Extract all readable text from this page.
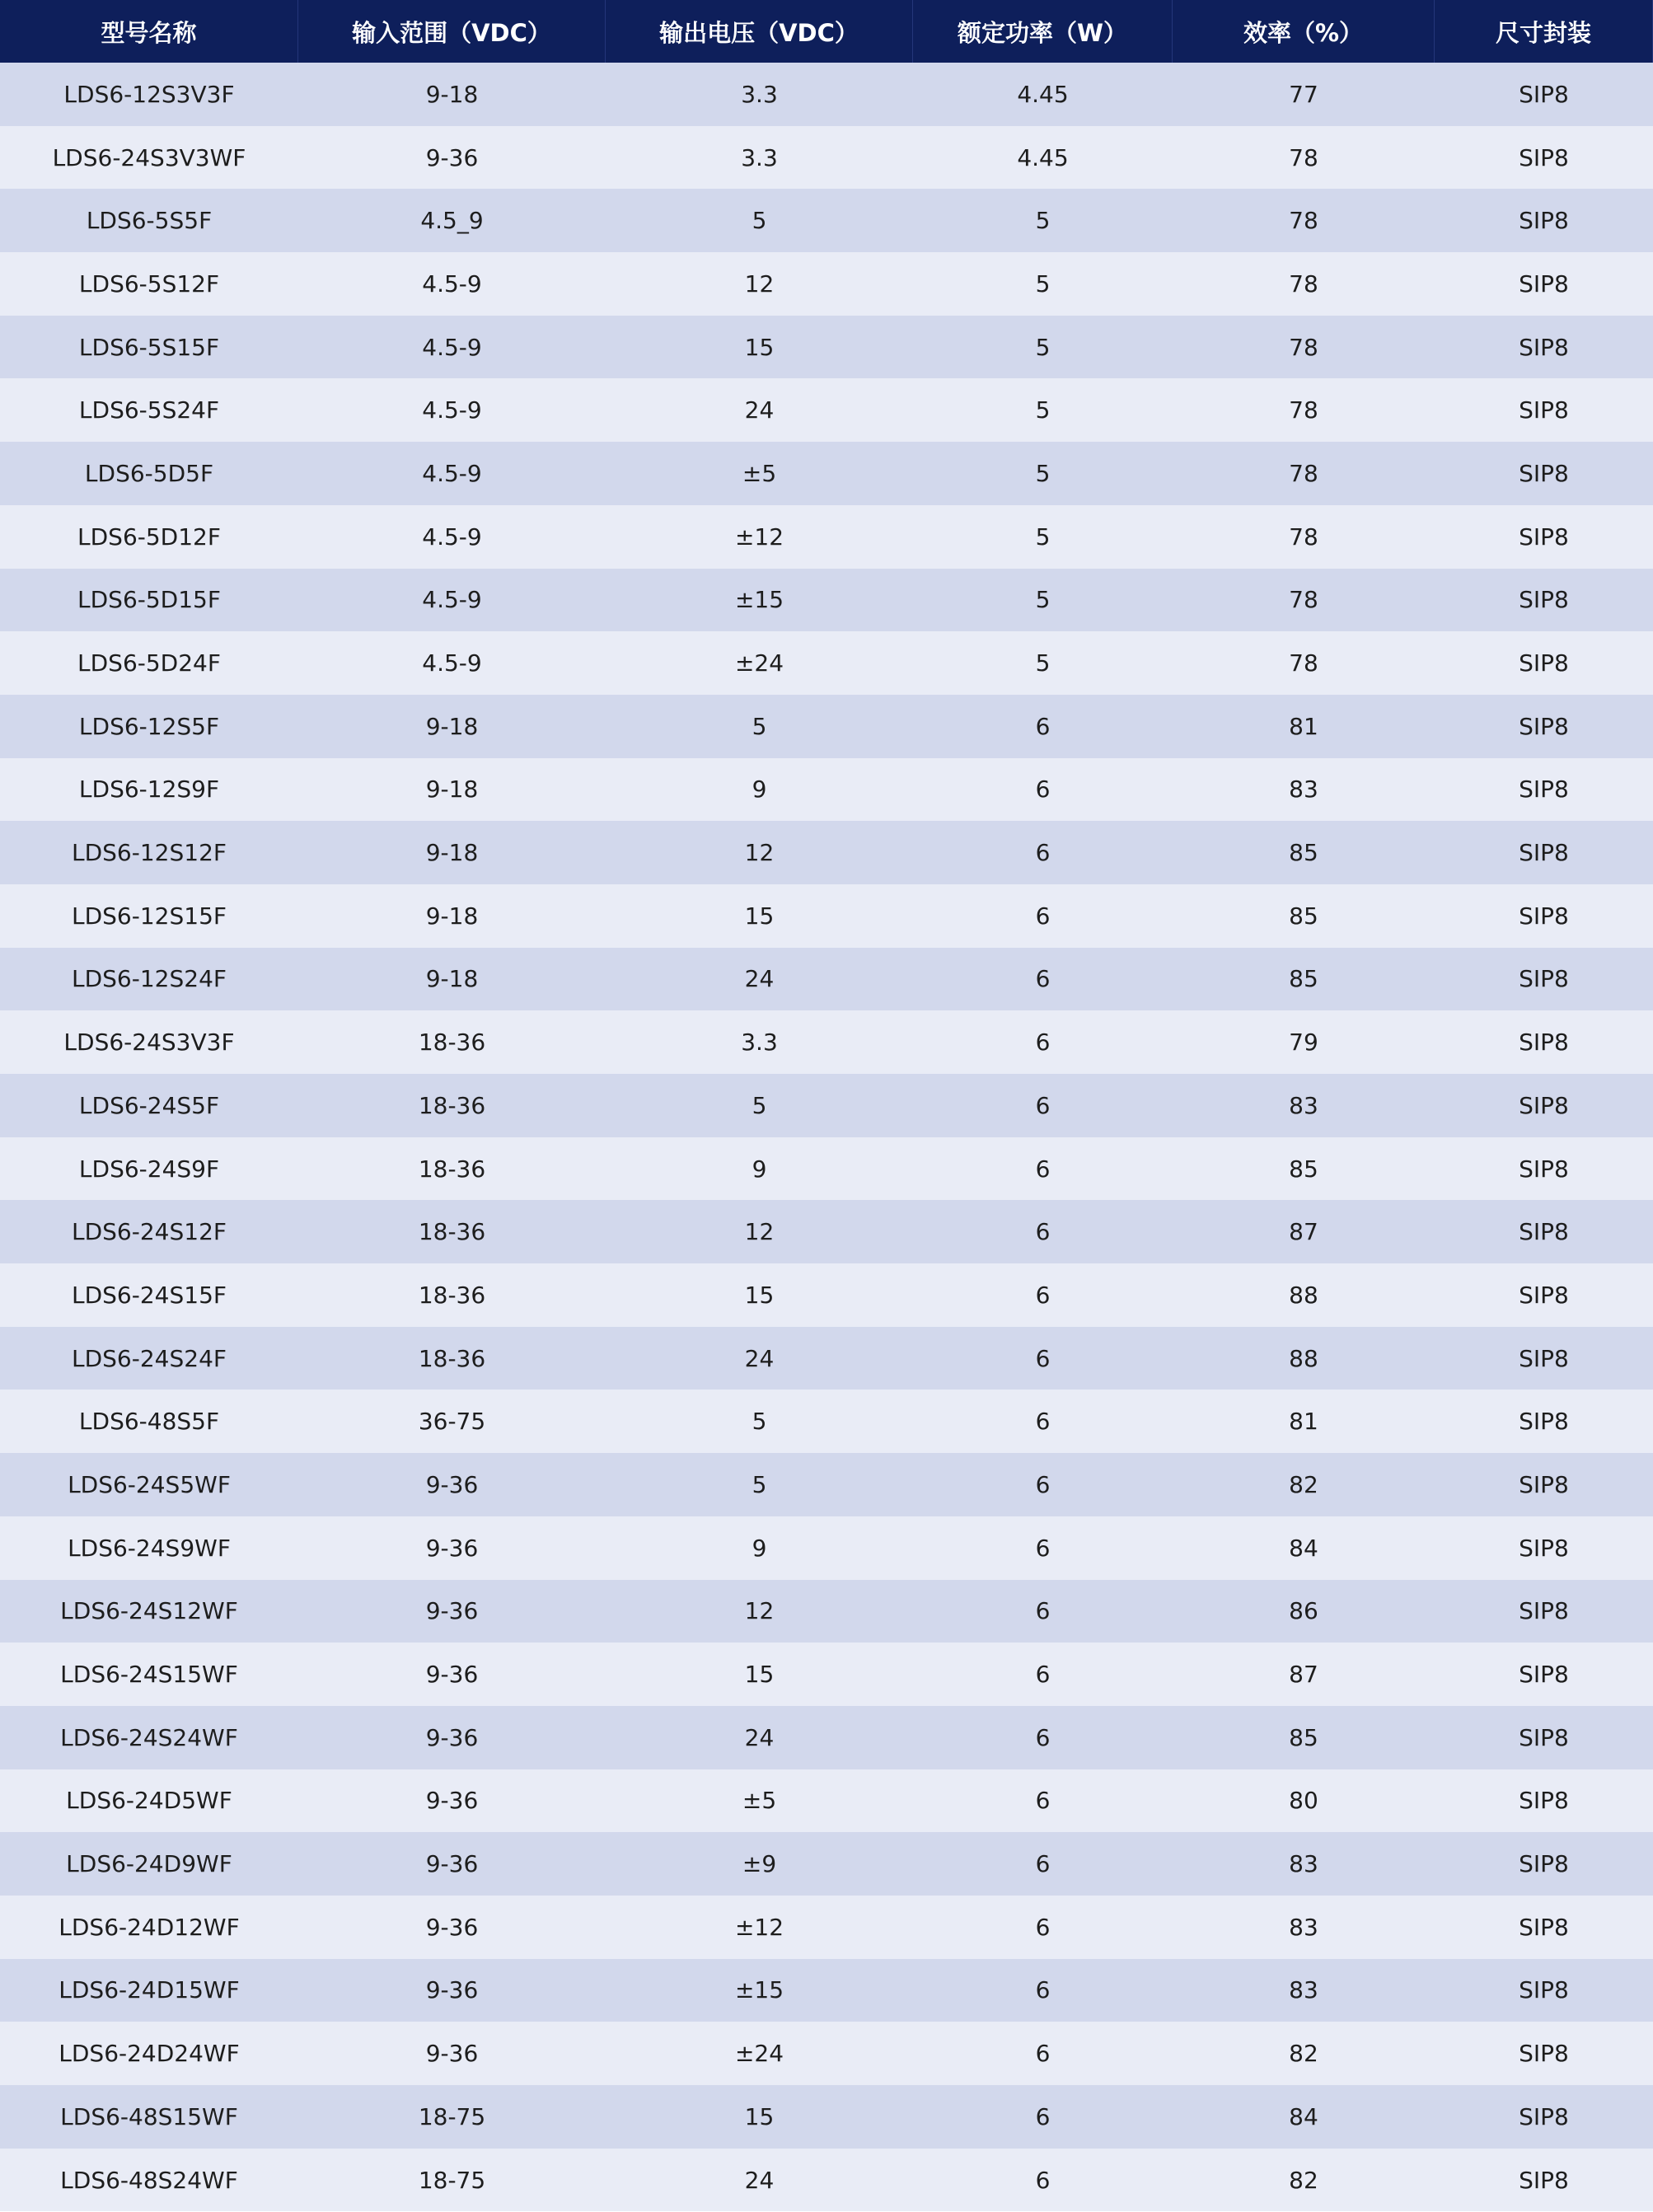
型号名称	输入范围（VDC）	输出电压（VDC）	额定功率（W）	效率（%）	尺寸封装
LDS6-12S3V3F	9-18	3.3	4.45	77	SIP8
LDS6-24S3V3WF	9-36	3.3	4.45	78	SIP8
LDS6-5S5F	4.5_9	5	5	78	SIP8
LDS6-5S12F	4.5-9	12	5	78	SIP8
LDS6-5S15F	4.5-9	15	5	78	SIP8
LDS6-5S24F	4.5-9	24	5	78	SIP8
LDS6-5D5F	4.5-9	±5	5	78	SIP8
LDS6-5D12F	4.5-9	±12	5	78	SIP8
LDS6-5D15F	4.5-9	±15	5	78	SIP8
LDS6-5D24F	4.5-9	±24	5	78	SIP8
LDS6-12S5F	9-18	5	6	81	SIP8
LDS6-12S9F	9-18	9	6	83	SIP8
LDS6-12S12F	9-18	12	6	85	SIP8
LDS6-12S15F	9-18	15	6	85	SIP8
LDS6-12S24F	9-18	24	6	85	SIP8
LDS6-24S3V3F	18-36	3.3	6	79	SIP8
LDS6-24S5F	18-36	5	6	83	SIP8
LDS6-24S9F	18-36	9	6	85	SIP8
LDS6-24S12F	18-36	12	6	87	SIP8
LDS6-24S15F	18-36	15	6	88	SIP8
LDS6-24S24F	18-36	24	6	88	SIP8
LDS6-48S5F	36-75	5	6	81	SIP8
LDS6-24S5WF	9-36	5	6	82	SIP8
LDS6-24S9WF	9-36	9	6	84	SIP8
LDS6-24S12WF	9-36	12	6	86	SIP8
LDS6-24S15WF	9-36	15	6	87	SIP8
LDS6-24S24WF	9-36	24	6	85	SIP8
LDS6-24D5WF	9-36	±5	6	80	SIP8
LDS6-24D9WF	9-36	±9	6	83	SIP8
LDS6-24D12WF	9-36	±12	6	83	SIP8
LDS6-24D15WF	9-36	±15	6	83	SIP8
LDS6-24D24WF	9-36	±24	6	82	SIP8
LDS6-48S15WF	18-75	15	6	84	SIP8
LDS6-48S24WF	18-75	24	6	82	SIP8
